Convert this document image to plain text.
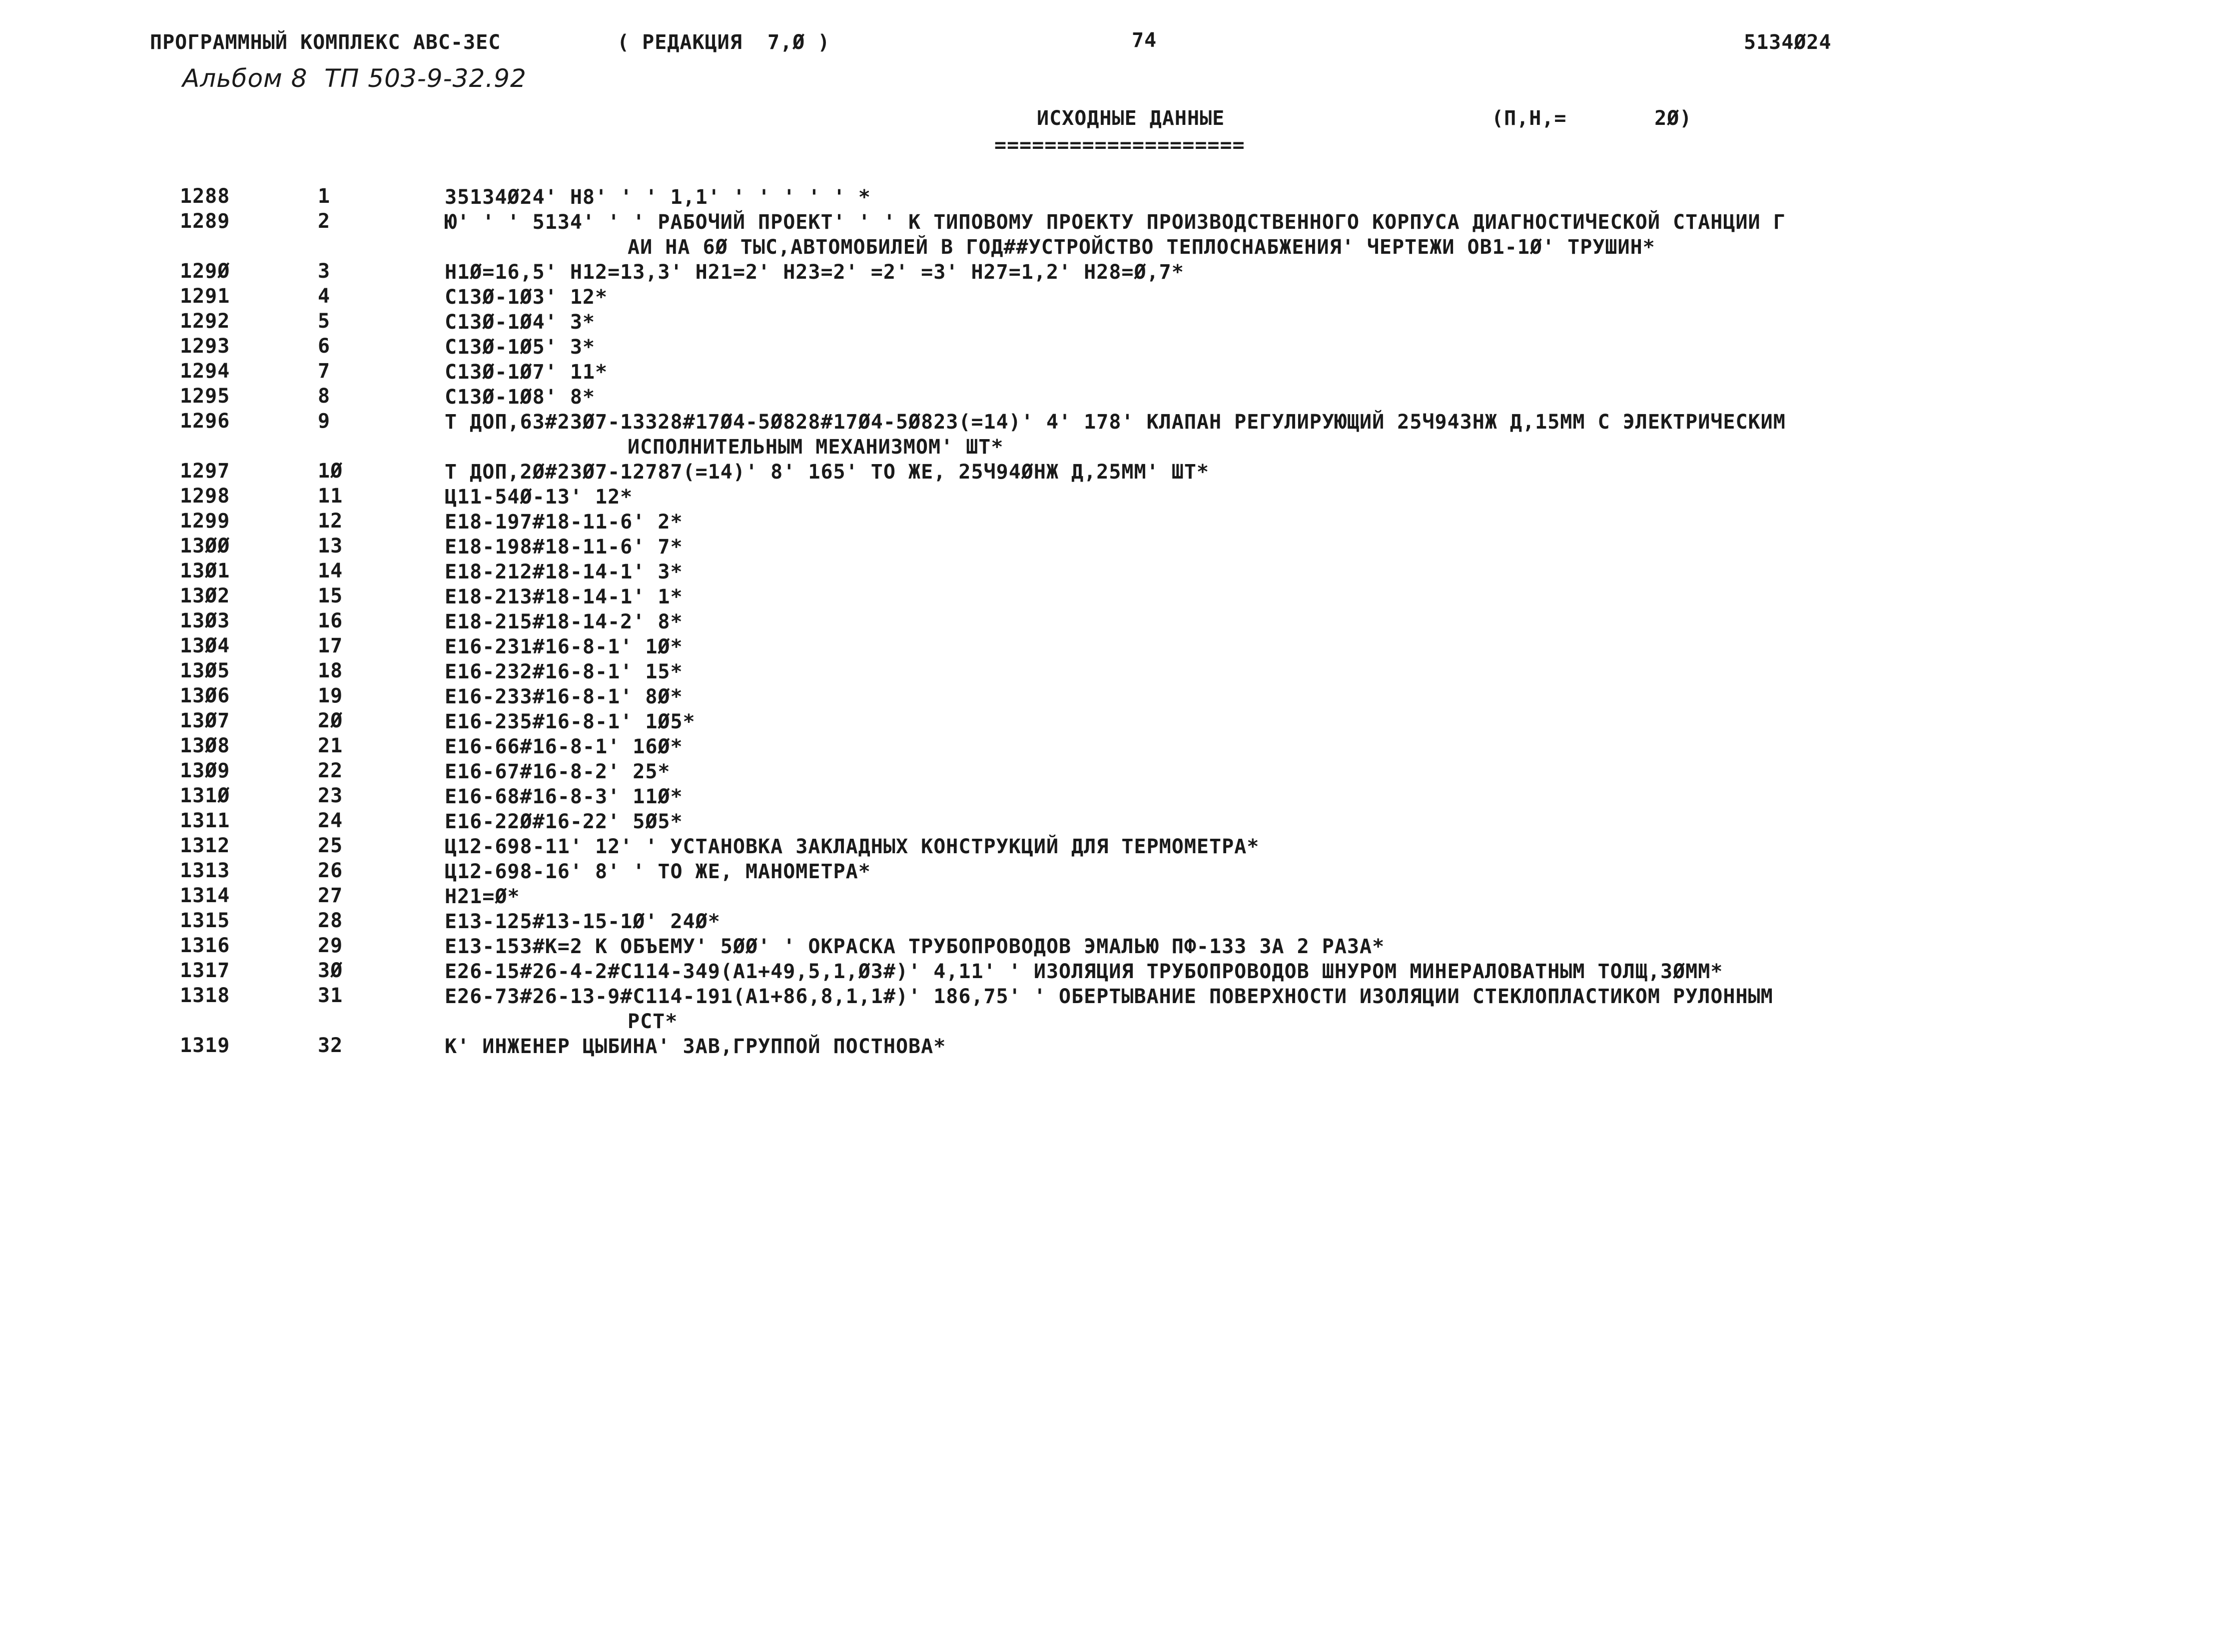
ПРОГРАММНЫЙ КОМПЛЕКС АВС-3ЕС	( РЕДАКЦИЯ  7,Ø )	74	5134Ø24
Альбом 8  ТП 503-9-32.92
ИСХОДНЫЕ ДАННЫЕ	(П,Н,=       2Ø)
====================
1288	1	З5134Ø24' Н8' ' ' 1,1' ' ' ' ' ' *
1289	2	Ю' ' ' 5134' ' ' РАБОЧИЙ ПРОЕКТ' ' ' К ТИПОВОМУ ПРОЕКТУ ПРОИЗВОДСТВЕННОГО КОРПУСА ДИАГНОСТИЧЕСКОЙ СТАНЦИИ Г
АИ НА 6Ø ТЫС,АВТОМОБИЛЕЙ В ГОД##УСТРОЙСТВО ТЕПЛОСНАБЖЕНИЯ' ЧЕРТЕЖИ ОВ1-1Ø' ТРУШИН*
129Ø	3	Н1Ø=16,5' Н12=13,3' Н21=2' Н23=2' =2' =3' Н27=1,2' Н28=Ø,7*
1291	4	С13Ø-1Ø3' 12*
1292	5	С13Ø-1Ø4' 3*
1293	6	С13Ø-1Ø5' 3*
1294	7	С13Ø-1Ø7' 11*
1295	8	С13Ø-1Ø8' 8*
1296	9	Т ДОП,63#23Ø7-13328#17Ø4-5Ø828#17Ø4-5Ø823(=14)' 4' 178' КЛАПАН РЕГУЛИРУЮЩИЙ 25Ч943НЖ Д,15ММ С ЭЛЕКТРИЧЕСКИМ
ИСПОЛНИТЕЛЬНЫМ МЕХАНИЗМОМ' ШТ*
1297	1Ø	Т ДОП,2Ø#23Ø7-12787(=14)' 8' 165' ТО ЖЕ, 25Ч94ØНЖ Д,25ММ' ШТ*
1298	11	Ц11-54Ø-13' 12*
1299	12	Е18-197#18-11-6' 2*
13ØØ	13	Е18-198#18-11-6' 7*
13Ø1	14	Е18-212#18-14-1' 3*
13Ø2	15	Е18-213#18-14-1' 1*
13Ø3	16	Е18-215#18-14-2' 8*
13Ø4	17	Е16-231#16-8-1' 1Ø*
13Ø5	18	Е16-232#16-8-1' 15*
13Ø6	19	Е16-233#16-8-1' 8Ø*
13Ø7	2Ø	Е16-235#16-8-1' 1Ø5*
13Ø8	21	Е16-66#16-8-1' 16Ø*
13Ø9	22	Е16-67#16-8-2' 25*
131Ø	23	Е16-68#16-8-3' 11Ø*
1311	24	Е16-22Ø#16-22' 5Ø5*
1312	25	Ц12-698-11' 12' ' УСТАНОВКА ЗАКЛАДНЫХ КОНСТРУКЦИЙ ДЛЯ ТЕРМОМЕТРА*
1313	26	Ц12-698-16' 8' ' ТО ЖЕ, МАНОМЕТРА*
1314	27	Н21=Ø*
1315	28	Е13-125#13-15-1Ø' 24Ø*
1316	29	Е13-153#К=2 К ОБЪЕМУ' 5ØØ' ' ОКРАСКА ТРУБОПРОВОДОВ ЭМАЛЬЮ ПФ-133 ЗА 2 РАЗА*
1317	3Ø	Е26-15#26-4-2#С114-349(А1+49,5,1,Ø3#)' 4,11' ' ИЗОЛЯЦИЯ ТРУБОПРОВОДОВ ШНУРОМ МИНЕРАЛОВАТНЫМ ТОЛЩ,3ØММ*
1318	31	Е26-73#26-13-9#С114-191(А1+86,8,1,1#)' 186,75' ' ОБЕРТЫВАНИЕ ПОВЕРХНОСТИ ИЗОЛЯЦИИ СТЕКЛОПЛАСТИКОМ РУЛОННЫМ
РСТ*
1319	32	К' ИНЖЕНЕР ЦЫБИНА' ЗАВ,ГРУППОЙ ПОСТНОВА*
